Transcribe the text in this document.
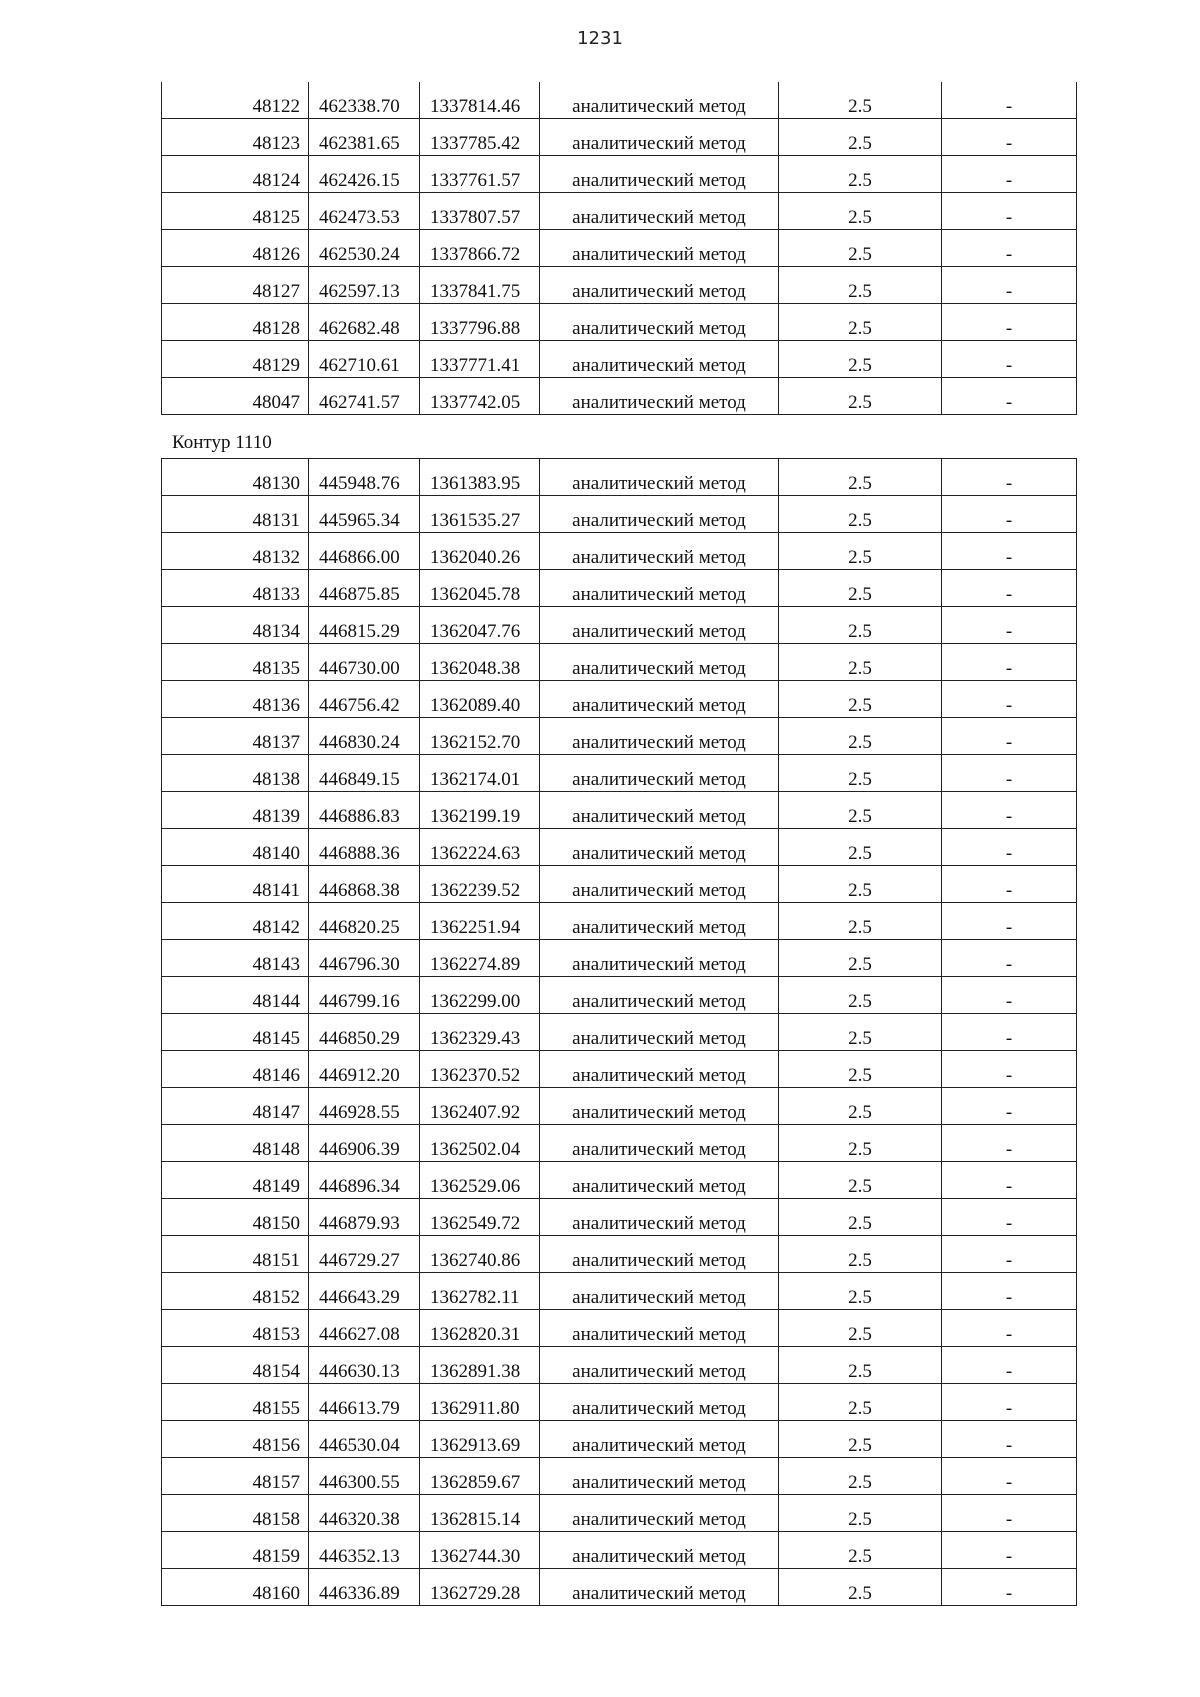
1231
48122	462338.70	1337814.46	аналитический метод	2.5	-
48123	462381.65	1337785.42	аналитический метод	2.5	-
48124	462426.15	1337761.57	аналитический метод	2.5	-
48125	462473.53	1337807.57	аналитический метод	2.5	-
48126	462530.24	1337866.72	аналитический метод	2.5	-
48127	462597.13	1337841.75	аналитический метод	2.5	-
48128	462682.48	1337796.88	аналитический метод	2.5	-
48129	462710.61	1337771.41	аналитический метод	2.5	-
48047	462741.57	1337742.05	аналитический метод	2.5	-
Контур 1110
48130	445948.76	1361383.95	аналитический метод	2.5	-
48131	445965.34	1361535.27	аналитический метод	2.5	-
48132	446866.00	1362040.26	аналитический метод	2.5	-
48133	446875.85	1362045.78	аналитический метод	2.5	-
48134	446815.29	1362047.76	аналитический метод	2.5	-
48135	446730.00	1362048.38	аналитический метод	2.5	-
48136	446756.42	1362089.40	аналитический метод	2.5	-
48137	446830.24	1362152.70	аналитический метод	2.5	-
48138	446849.15	1362174.01	аналитический метод	2.5	-
48139	446886.83	1362199.19	аналитический метод	2.5	-
48140	446888.36	1362224.63	аналитический метод	2.5	-
48141	446868.38	1362239.52	аналитический метод	2.5	-
48142	446820.25	1362251.94	аналитический метод	2.5	-
48143	446796.30	1362274.89	аналитический метод	2.5	-
48144	446799.16	1362299.00	аналитический метод	2.5	-
48145	446850.29	1362329.43	аналитический метод	2.5	-
48146	446912.20	1362370.52	аналитический метод	2.5	-
48147	446928.55	1362407.92	аналитический метод	2.5	-
48148	446906.39	1362502.04	аналитический метод	2.5	-
48149	446896.34	1362529.06	аналитический метод	2.5	-
48150	446879.93	1362549.72	аналитический метод	2.5	-
48151	446729.27	1362740.86	аналитический метод	2.5	-
48152	446643.29	1362782.11	аналитический метод	2.5	-
48153	446627.08	1362820.31	аналитический метод	2.5	-
48154	446630.13	1362891.38	аналитический метод	2.5	-
48155	446613.79	1362911.80	аналитический метод	2.5	-
48156	446530.04	1362913.69	аналитический метод	2.5	-
48157	446300.55	1362859.67	аналитический метод	2.5	-
48158	446320.38	1362815.14	аналитический метод	2.5	-
48159	446352.13	1362744.30	аналитический метод	2.5	-
48160	446336.89	1362729.28	аналитический метод	2.5	-
